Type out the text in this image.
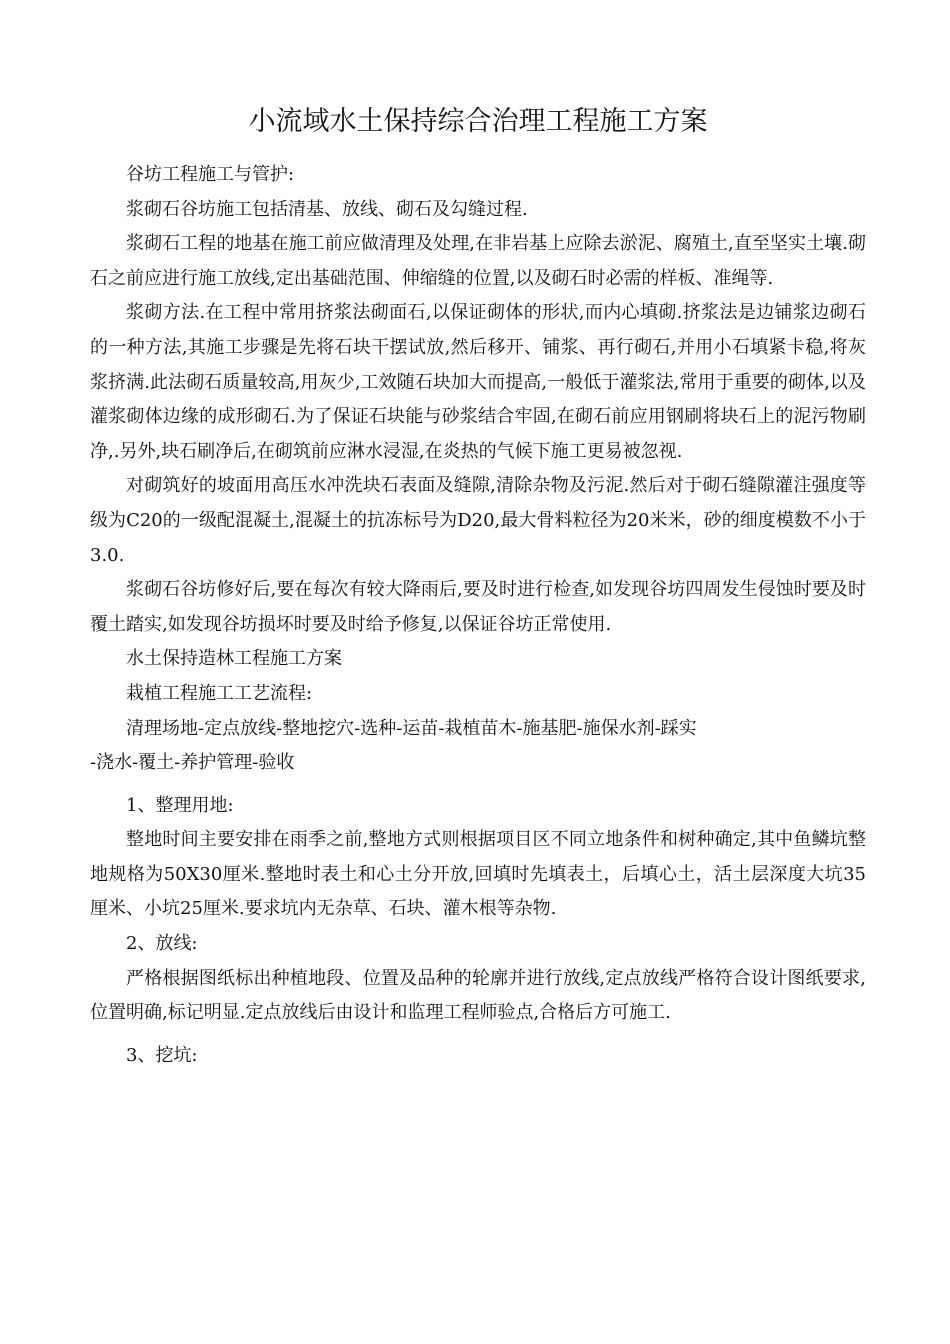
小流域水土保持综合治理工程施工方案

谷坊工程施工与管护:

浆砌石谷坊施工包括清基、放线、砌石及勾缝过程.

浆砌石工程的地基在施工前应做清理及处理,在非岩基上应除去淤泥、腐殖土,直至坚实土壤.砌石之前应进行施工放线,定出基础范围、伸缩缝的位置,以及砌石时必需的样板、准绳等.

浆砌方法.在工程中常用挤浆法砌面石,以保证砌体的形状,而内心填砌.挤浆法是边铺浆边砌石的一种方法,其施工步骤是先将石块干摆试放,然后移开、铺浆、再行砌石,并用小石填紧卡稳,将灰浆挤满.此法砌石质量较高,用灰少,工效随石块加大而提高,一般低于灌浆法,常用于重要的砌体,以及灌浆砌体边缘的成形砌石.为了保证石块能与砂浆结合牢固,在砌石前应用钢刷将块石上的泥污物刷净,.另外,块石刷净后,在砌筑前应淋水浸湿,在炎热的气候下施工更易被忽视.

对砌筑好的坡面用高压水冲洗块石表面及缝隙,清除杂物及污泥.然后对于砌石缝隙灌注强度等级为C20的一级配混凝土,混凝土的抗冻标号为D20,最大骨料粒径为20米米，砂的细度模数不小于3.0.

浆砌石谷坊修好后,要在每次有较大降雨后,要及时进行检查,如发现谷坊四周发生侵蚀时要及时覆土踏实,如发现谷坊损坏时要及时给予修复,以保证谷坊正常使用.

水土保持造林工程施工方案

栽植工程施工工艺流程:

清理场地-定点放线-整地挖穴-选种-运苗-栽植苗木-施基肥-施保水剂-踩实

-浇水-覆土-养护管理-验收

1、整理用地:

整地时间主要安排在雨季之前,整地方式则根据项目区不同立地条件和树种确定,其中鱼鳞坑整地规格为50X30厘米.整地时表土和心土分开放,回填时先填表土，后填心土，活土层深度大坑35厘米、小坑25厘米.要求坑内无杂草、石块、灌木根等杂物.

2、放线:

严格根据图纸标出种植地段、位置及品种的轮廓并进行放线,定点放线严格符合设计图纸要求,位置明确,标记明显.定点放线后由设计和监理工程师验点,合格后方可施工.

3、挖坑:
